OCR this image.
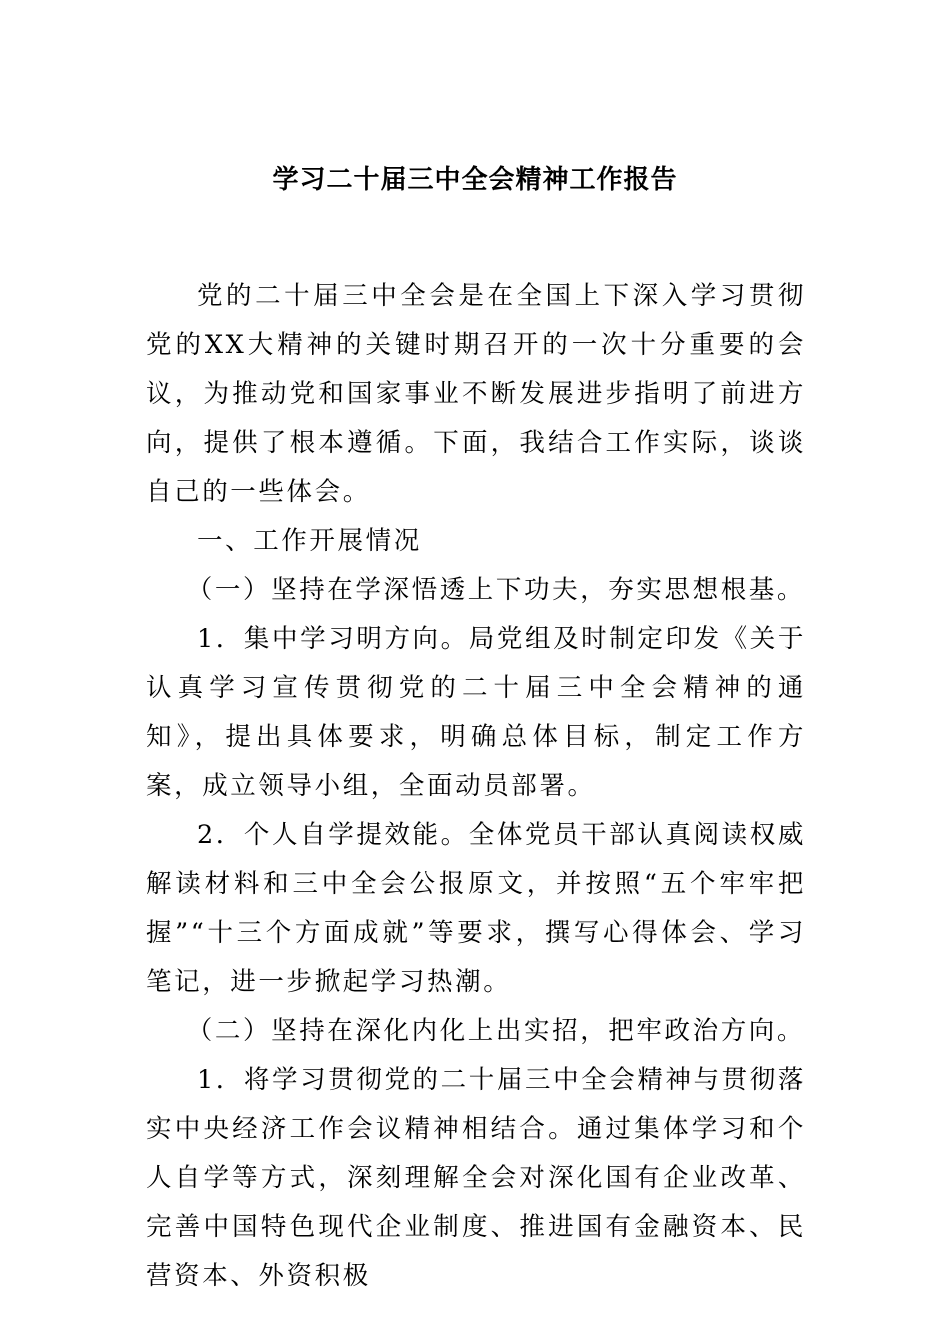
学习二十届三中全会精神工作报告

党的二十届三中全会是在全国上下深入学习贯彻党的XX大精神的关键时期召开的一次十分重要的会议，为推动党和国家事业不断发展进步指明了前进方向，提供了根本遵循。下面，我结合工作实际，谈谈自己的一些体会。

一、工作开展情况

（一）坚持在学深悟透上下功夫，夯实思想根基。

1．集中学习明方向。局党组及时制定印发《关于认真学习宣传贯彻党的二十届三中全会精神的通知》，提出具体要求，明确总体目标，制定工作方案，成立领导小组，全面动员部署。

2．个人自学提效能。全体党员干部认真阅读权威解读材料和三中全会公报原文，并按照“五个牢牢把握”“十三个方面成就”等要求，撰写心得体会、学习笔记，进一步掀起学习热潮。

（二）坚持在深化内化上出实招，把牢政治方向。

1．将学习贯彻党的二十届三中全会精神与贯彻落实中央经济工作会议精神相结合。通过集体学习和个人自学等方式，深刻理解全会对深化国有企业改革、完善中国特色现代企业制度、推进国有金融资本、民营资本、外资积极
